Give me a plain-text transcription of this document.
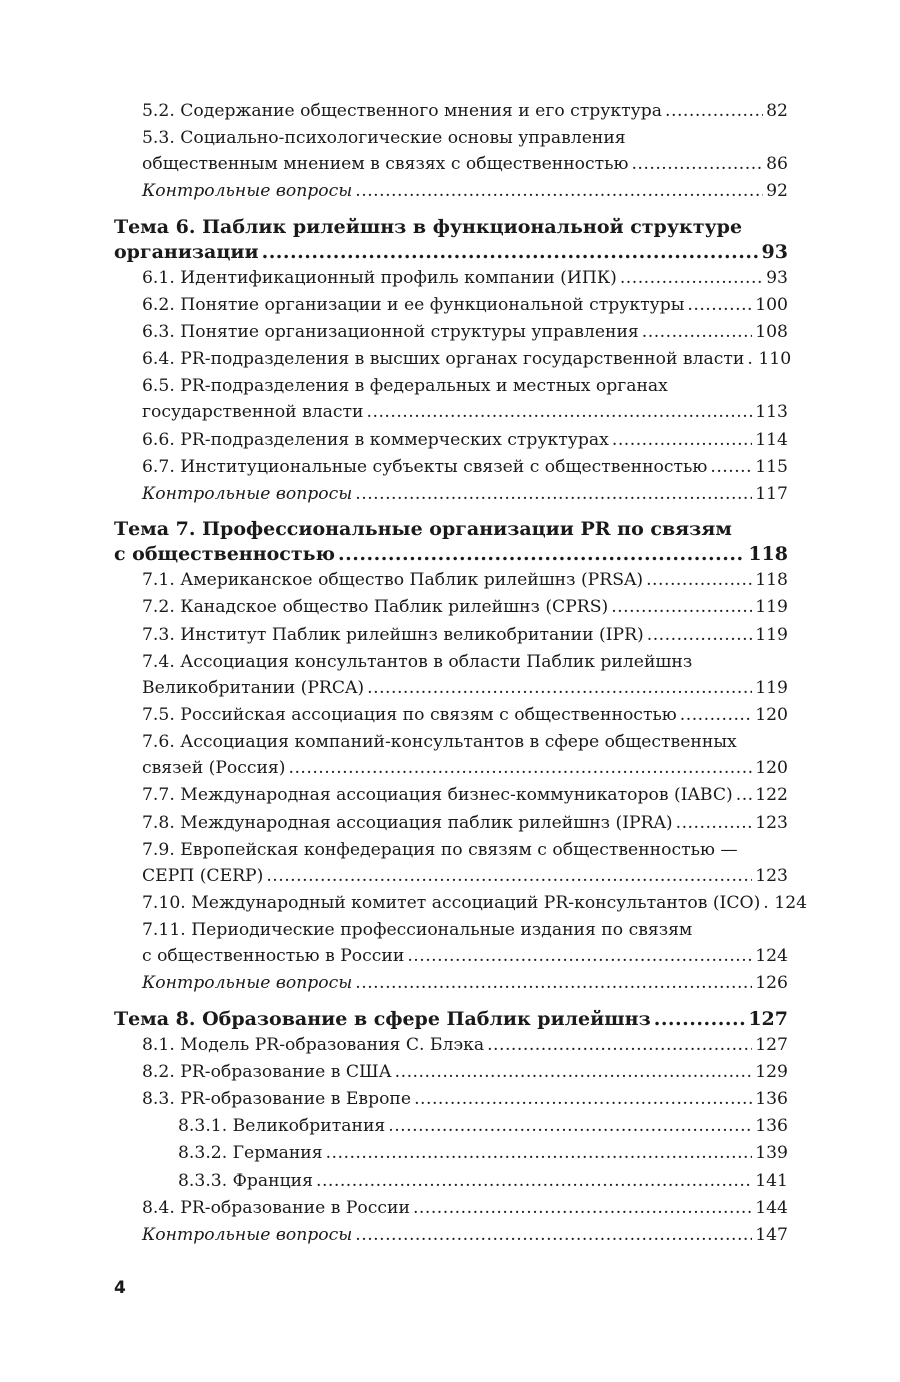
5.2. Содержание общественного мнения и его структура .....	82
5.3. Социально-психологические основы управления
общественным мнением в связях с общественностью .....	86
Контрольные вопросы .....	92
Тема 6. Паблик рилейшнз в функциональной структуре
организации .....	93
6.1. Идентификационный профиль компании (ИПК) .....	93
6.2. Понятие организации и ее функциональной структуры .....	100
6.3. Понятие организационной структуры управления .....	108
6.4. PR-подразделения в высших органах государственной власти ..... 110
6.5. PR-подразделения в федеральных и местных органах
государственной власти .....	113
6.6. PR-подразделения в коммерческих структурах .....	114
6.7. Институциональные субъекты связей с общественностью .....	115
Контрольные вопросы .....	117
Тема 7. Профессиональные организации PR по связям
с общественностью .....	118
7.1. Американское общество Паблик рилейшнз (PRSA) .....	118
7.2. Канадское общество Паблик рилейшнз (CPRS) .....	119
7.3. Институт Паблик рилейшнз великобритании (IPR) .....	119
7.4. Ассоциация консультантов в области Паблик рилейшнз
Великобритании (PRCA) .....	119
7.5. Российская ассоциация по связям с общественностью .....	120
7.6. Ассоциация компаний-консультантов в сфере общественных
связей (Россия) .....	120
7.7. Международная ассоциация бизнес-коммуникаторов (IABC) ..... 122
7.8. Международная ассоциация паблик рилейшнз (IPRA) .....	123
7.9. Европейская конфедерация по связям с общественностью —
СЕРП (CERP) .....	123
7.10. Международный комитет ассоциаций PR-консультантов (ICO) ..... 124
7.11. Периодические профессиональные издания по связям
с общественностью в России .....	124
Контрольные вопросы .....	126
Тема 8. Образование в сфере Паблик рилейшнз .....	127
8.1. Модель PR-образования С. Блэка .....	127
8.2. PR-образование в США .....	129
8.3. PR-образование в Европе .....	136
8.3.1. Великобритания .....	136
8.3.2. Германия .....	139
8.3.3. Франция .....	141
8.4. PR-образование в России .....	144
Контрольные вопросы .....	147
4
